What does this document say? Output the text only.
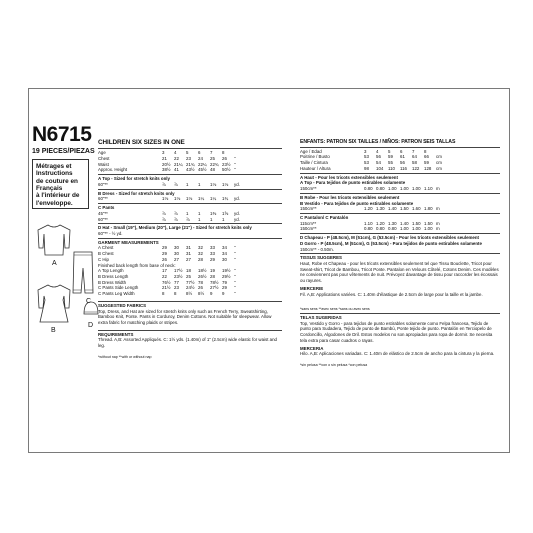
N6715
19 PIECES/PIEZAS
Métrages et
Instructions
de couture en
Français
à l'intérieur de
l'enveloppe.
A
C
B
D
CHILDREN SIX SIZES IN ONE
Age	3	4	5	6	7	8	
Chest	21	22	23	24	25	26	"
Waist	20½	21¼	21¾	22¼	22¾	23½	"
Approx. Height	38½	41	43½	45½	48	50½	"
A Top - Sized for stretch knits only
60"**	⅞	⅞	1	1	1⅛	1⅛	yd.
B Dress - Sized for stretch knits only
60"**	1⅛	1⅛	1⅛	1¼	1¼	1¾	yd.
C Pants
45"**	⅞	⅞	1	1	1⅜	1⅝	yd.
60"**	⅞	⅞	⅞	1	1	1	yd.
D Hat - Small (19"), Medium (20"), Large (21") - Sized for stretch knits only
60"** - ½ yd.
GARMENT MEASUREMENTS
A Chest	29	30	31	32	33	34	"
B Chest	29	30	31	32	33	34	"
C Hip	26	27	27	28	29	30	"
Finished back length from base of neck:							
A Top Length	17	17½	18	18½	19	19½	"
B Dress Length	22	23½	25	26½	28	29½	"
B Dress Width	76½	77	77½	78	78½	79	"
C Pants Side Length	21½	23	24½	26	27½	29	"
C Pants Leg Width	8	8	8½	8½	9	9	"
SUGGESTED FABRICS
Top, Dress, and Hat are sized for stretch knits only such as French Terry, Sweatshirting, Bamboo Knit, Ponte. Pants in Corduroy, Denim Cottons. Not suitable for sleepwear. Allow extra fabric for matching plaids or stripes.
REQUIREMENTS
Thread. A,B: Assorted Appliqués. C: 1½ yds. (1.40m) of 1" (2.5cm) wide elastic for waist and leg.
*without nap **with or without nap
ENFANTS: PATRON SIX TAILLES / NIÑOS: PATRON SEIS TALLAS
Age / Edad	3	4	5	6	7	8	
Poitrine / Busto	53	56	59	61	64	66	cm
Taille / Cintura	53	54	55	56	58	59	cm
Hauteur / Altura	98	104	110	116	122	128	cm
A Haut - Pour les tricots extensibles seulement
A Top - Para tejidos de punto estirables solamente
150cm**	0.80	0.80	1.00	1.00	1.00	1.10	m
B Robe - Pour les tricots extensibles seulement
B Vestido - Para tejidos de punto estirables solamente
150cm**	1.20	1.30	1.40	1.50	1.60	1.80	m
C Pantalon/ C Pantalón
115cm**	1.10	1.20	1.30	1.40	1.50	1.50	m
150cm**	0.80	0.80	0.80	1.00	1.00	1.00	m
D Chapeau - P (48.5cm), M (51cm), G (53.5cm) - Pour les tricots extensibles seulement
D Gorro - P (48.5cm), M (51cm), G (53.5cm) - Para tejidos de punto estirables solamente
150cm** - 0.50m.
TISSUS SUGGERES
Haut, Robe et Chapeau - pour les tricots extensibles seulement tel que Tissu Bouclette, Tricot pour Sweat-shirt, Tricot de Bambou, Tricot Ponte. Pantalon en Velours Côtelé, Cotons Denim. Ces modèles ne conviennent pas pour vêtements de nuit. Prévoyez davantage de tissu pour raccorder les écossais ou rayures.
MERCERIE
Fil. A,B: Applications variées. C: 1.40m d'élastique de 2.5cm de large pour la taille et la jambe.
*sans sens **avec sens *sans ou avec sens
TELAS SUGERIDAS
Top, Vestido y Gorro - para tejidos de punto estirables solamente como Felpa francesa, Tejido de punto para Sudadera, Tejido de punto de Bambú, Ponte tejido de punto. Pantalón en Terciopelo de Cordoncillo, Algodones de Dril. Estos modelos no son apropiados para ropa de dormir. Se necesita tela extra para casar cuadros o rayas.
MERCERIA
Hilo. A,B: Aplicaciones variadas. C: 1.40m de elástico de 2.5cm de ancho para la cintura y la pierna.
*sin pelusa **con o sin pelusa *con pelusa
